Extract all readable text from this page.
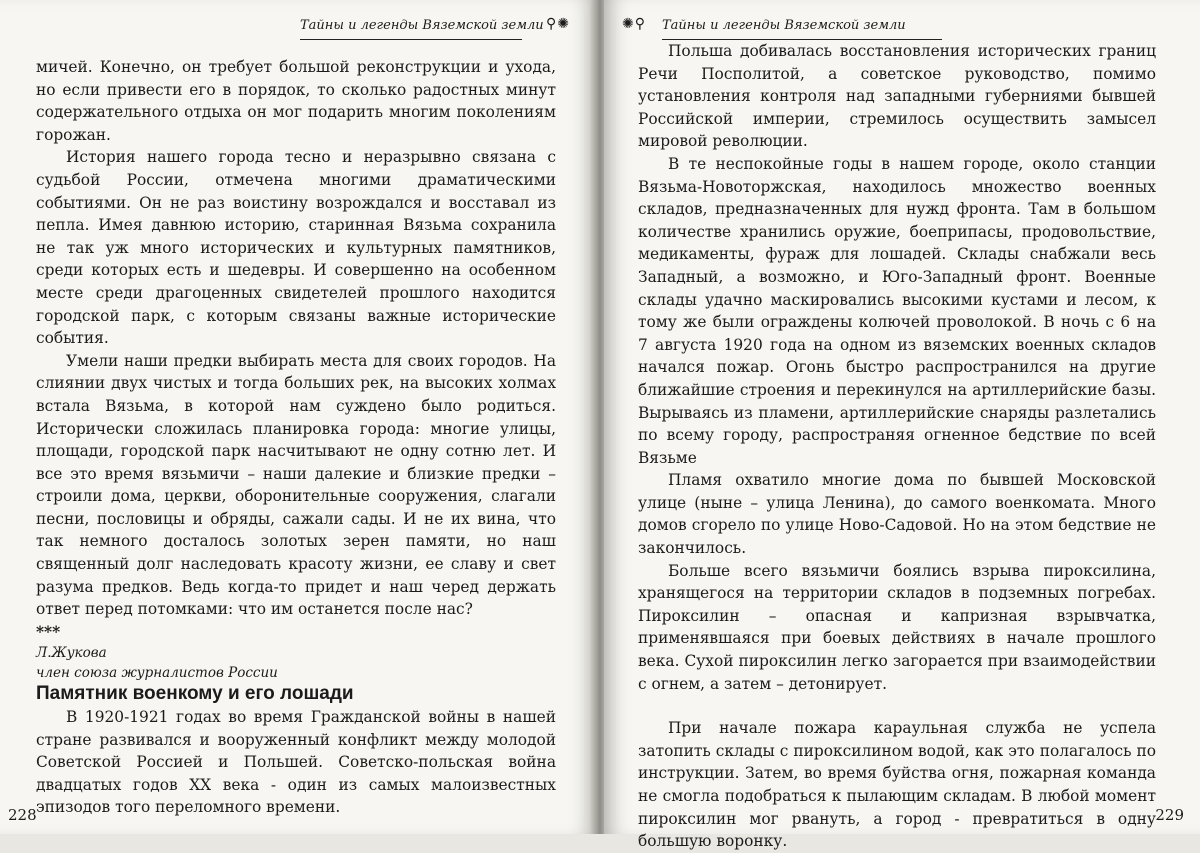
Тайны и легенды Вяземской земли ⚲✺

мичей. Конечно, он требует большой реконструкции и ухода, но если привести его в порядок, то сколько радостных минут содержательного отдыха он мог подарить многим поколениям горожан.

История нашего города тесно и неразрывно связана с судьбой России, отмечена многими драматическими событиями. Он не раз воистину возрождался и восставал из пепла. Имея давнюю историю, старинная Вязьма сохранила не так уж много исторических и культурных памятников, среди которых есть и шедевры. И совершенно на особенном месте среди драгоценных свидетелей прошлого находится городской парк, с которым связаны важные исторические события.

Умели наши предки выбирать места для своих городов. На слиянии двух чистых и тогда больших рек, на высоких холмах встала Вязьма, в которой нам суждено было родиться. Исторически сложилась планировка города: многие улицы, площади, городской парк насчитывают не одну сотню лет. И все это время вязьмичи – наши далекие и близкие предки – строили дома, церкви, оборонительные сооружения, слагали песни, пословицы и обряды, сажали сады. И не их вина, что так немного досталось золотых зерен памяти, но наш священный долг наследовать красоту жизни, ее славу и свет разума предков. Ведь когда-то придет и наш черед держать ответ перед потомками: что им останется после нас?

***

Л.Жукова

член союза журналистов России

Памятник военкому и его лошади

В 1920-1921 годах во время Гражданской войны в нашей стране развивался и вооруженный конфликт между молодой Советской Россией и Польшей. Советско-польская война двадцатых годов XX века - один из самых малоизвестных эпизодов того переломного времени.

228
✺⚲ Тайны и легенды Вяземской земли

Польша добивалась восстановления исторических границ Речи Посполитой, а советское руководство, помимо установления контроля над западными губерниями бывшей Российской империи, стремилось осуществить замысел мировой революции.

В те неспокойные годы в нашем городе, около станции Вязьма-Новоторжская, находилось множество военных складов, предназначенных для нужд фронта. Там в большом количестве хранились оружие, боеприпасы, продовольствие, медикаменты, фураж для лошадей. Склады снабжали весь Западный, а возможно, и Юго-Западный фронт. Военные склады удачно маскировались высокими кустами и лесом, к тому же были ограждены колючей проволокой. В ночь с 6 на 7 августа 1920 года на одном из вяземских военных складов начался пожар. Огонь быстро распространился на другие ближайшие строения и перекинулся на артиллерийские базы. Вырываясь из пламени, артиллерийские снаряды разлетались по всему городу, распространяя огненное бедствие по всей Вязьме

Пламя охватило многие дома по бывшей Московской улице (ныне – улица Ленина), до самого военкомата. Много домов сгорело по улице Ново-Садовой. Но на этом бедствие не закончилось.

Больше всего вязьмичи боялись взрыва пироксилина, хранящегося на территории складов в подземных погребах. Пироксилин – опасная и капризная взрывчатка, применявшаяся при боевых действиях в начале прошлого века. Сухой пироксилин легко загорается при взаимодействии с огнем, а затем – детонирует.

При начале пожара караульная служба не успела затопить склады с пироксилином водой, как это полагалось по инструкции. Затем, во время буйства огня, пожарная команда не смогла подобраться к пылающим складам. В любой момент пироксилин мог рвануть, а город - превратиться в одну большую воронку.

229
